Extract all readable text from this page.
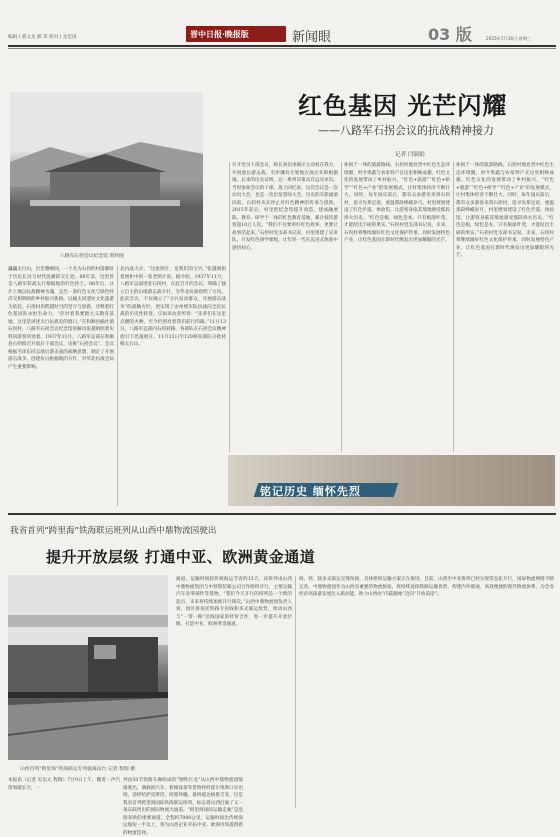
编辑 / 董文龙 郝 荣 校对 / 龙佳国	晋中日报·晚报版	新闻眼	03 版	2025年7月16日 星期三
红色基因 光芒闪耀
——八路军石拐会议的抗战精神接力
记者 闫瑞娟
八路军石拐会议纪念馆 资料图
巍巍太行山，层峦叠嶂间，一个名为石拐的村落静卧于历史长河与时代浪潮的交汇处。88年前，这里曾是八路军转战太行根据地的红色热土。88年后，这片土地以抗战精神为魂，走出一条红色文化与绿色经济交相辉映的乡村振兴新路。以榆太同遗址文化旅游为依托，石拐村用跨越时空的坚守与创新，诠释着红色基因的永恒生命力。“你对着我要跟主义教育基地，这里是讲述太行抗战史的窗口。”在和顺县榆社镇石拐村，八路军石拐会议纪念馆讲解员张越娟照着史料向游客讲述着。1937年11月，八路军总部在和顺县石拐镇召开敌后干部会议，史称“石拐会议”。会议根据毛泽东同志敌后游击战的战略思想，制定了开展游击战争、创建抗日根据地的方针，对华北抗战全局产生重要影响。
北抗战大计。“这张照片，是我们的宝贝。”张越娟指着展柜中的一张老照片说。据介绍，1937年11月，八路军总部进驻石拐村，在此召开的会议，明确了独立自主的山地游击战方针，为华北抗战指明了方向。此次会议，不仅确立了“分兵发动群众，开展游击战争”的战略方针，更实现了由单纯军队抗战向全民抗战的历史性转变。正如来访者所说：“先辈们在这里点燃的火种，至今仍照亮着我们前行的路。”11月13日，八路军总部向石拐转移，各部队在石拐会议精神指引下迅速展开。11月13日至129师向部队分批转移太行山。
召开党员干部会议，师长刘伯承揭示主动权在我方，开展敌后游击战，有步骤有计划地在敌后开辟根据地。后来的历史证明，这一系列决策具有远见卓识。当时参加会议的干部、战士回忆说，这次会议是一次动员大会，也是一次出征誓师大会。历史的车轮滚滚向前，石拐村从未停止对红色精神的传承与创新。2015年前后，村里把纪念馆提升改造，建成融展陈、教育、研学于一体的红色教育基地，累计接待游客超10万人次。“我们不仅要讲好红色故事，更要让故事活起来。”石拐村党支部书记说，村里组建了宣讲队，开发红色研学课程，让年轻一代在沉浸式体验中感悟初心。
休闲于一体的旅游路线。石拐村地处晋中红色生态环境圈，时令果蔬与农家特产在这里相映成趣。红色文化的发展带动了乡村振兴，“红色+旅游”“红色+研学”“红色+产业”的发展模式，让村集体经济不断壮大。同时，每年国庆前后，都有众多游客来到石拐村，追寻先辈足迹，重温那段峥嵘岁月。村里规划建设了红色步道、体验馆，让游客身临其境地感受那段烽火历史。“红色是根，绿色是本，只有根深叶茂，才能结出丰硕的果实。”石拐村党支部书记说，未来，石拐村将继续做好红色文化保护传承，同时发展特色产业，让红色基因在新时代焕发出更加耀眼的光芒。
休闲于一体的旅游路线。石拐村地处晋中红色生态环境圈，时令果蔬与农家特产在这里相映成趣。红色文化的发展带动了乡村振兴，“红色+旅游”“红色+研学”“红色+产业”的发展模式，让村集体经济不断壮大。同时，每年国庆前后，都有众多游客来到石拐村，追寻先辈足迹，重温那段峥嵘岁月。村里规划建设了红色步道、体验馆，让游客身临其境地感受那段烽火历史。“红色是根，绿色是本，只有根深叶茂，才能结出丰硕的果实。”石拐村党支部书记说，未来，石拐村将继续做好红色文化保护传承，同时发展特色产业，让红色基因在新时代焕发出更加耀眼的光芒。
铭记历史 缅怀先烈
我省首列“跨里海”铁海联运班列从山西中鼎物流园驶出
提升开放层级 打通中亚、欧洲黄金通道
山西首列“跨里海”铁海联运专列驶离站台 记者 程瑞 摄
本报讯（记者 史信元 程瑞）7月9日上午，随着一声汽笛划破长空，一
列由50节铁路车厢组成的“钢铁巨龙”从山西中鼎物流园缓缓驶出，满载的汽车、机械设备等货物将经霍尔果斯口岸出境，途经哈萨克斯坦、阿塞拜疆，最终抵达格鲁吉亚。这是我省首列跨里海国际铁海联运班列，标志着山西打通了又一条东联西出的国际物流大通道。“跨里海国际运输走廊”是连接亚欧的重要通道，全程约7000公里，运输时间比传统海运缩短一半以上，将为山西企业开拓中亚、欧洲市场提供新的物流选择。
通道。运输时间较传统海运节省约15天，该班列由山西中鼎物流集团与中铁集装箱公司合作组织开行，主要运输汽车及零部件等货物。“我们今天开行的班列是一个新的起点，未来将持续加密开行频次。”山西中鼎物流园负责人说，园区将依托铁路专用线和多式联运优势，推动山西与“一带一路”沿线国家的经贸合作，进一步提升开放层级，打造中亚、欧洲黄金通道。
海、铁、陆多式联运无缝衔接，具体组织运输方案正在推进。目前，山西至中亚班列已经实现常态化开行，国际物流网络不断完善。中鼎物流园作为山西省重要的物流枢纽，将持续发挥铁路运输优势，构建内外联通、高效便捷的现代物流体系，为全省经济高质量发展注入新动能，助力山西由“内陆腹地”迈向“开放前沿”。
